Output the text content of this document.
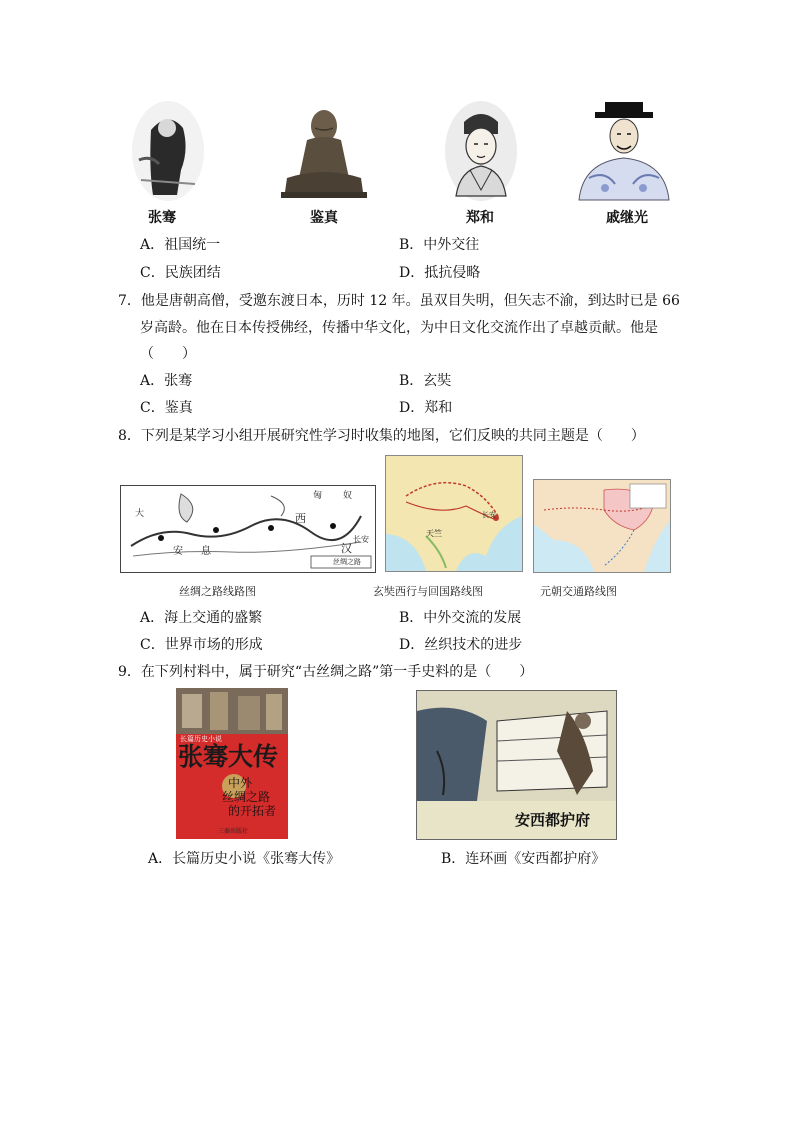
张骞	鉴真	郑和	戚继光
A．祖国统一	B．中外交往
C．民族团结	D．抵抗侵略
7．他是唐朝高僧，受邀东渡日本，历时 12 年。虽双目失明，但矢志不渝，到达时已是 66
岁高龄。他在日本传授佛经，传播中华文化，为中日文化交流作出了卓越贡献。他是
（　　）
A．张骞	B．玄奘
C．鉴真	D．郑和
8．下列是某学习小组开展研究性学习时收集的地图，它们反映的共同主题是（　　）
匈 奴
西
长安
汉
安 息
大
丝绸之路
天竺
长安
丝绸之路线路图	玄奘西行与回国路线图	元朝交通路线图
A．海上交通的盛繁	B．中外交流的发展
C．世界市场的形成	D．丝织技术的进步
9．在下列村料中，属于研究“古丝绸之路”第一手史料的是（　　）
长篇历史小说
张骞大传
中外
丝绸之路
的开拓者
三秦出版社
安西都护府
A．长篇历史小说《张骞大传》	B．连环画《安西都护府》
